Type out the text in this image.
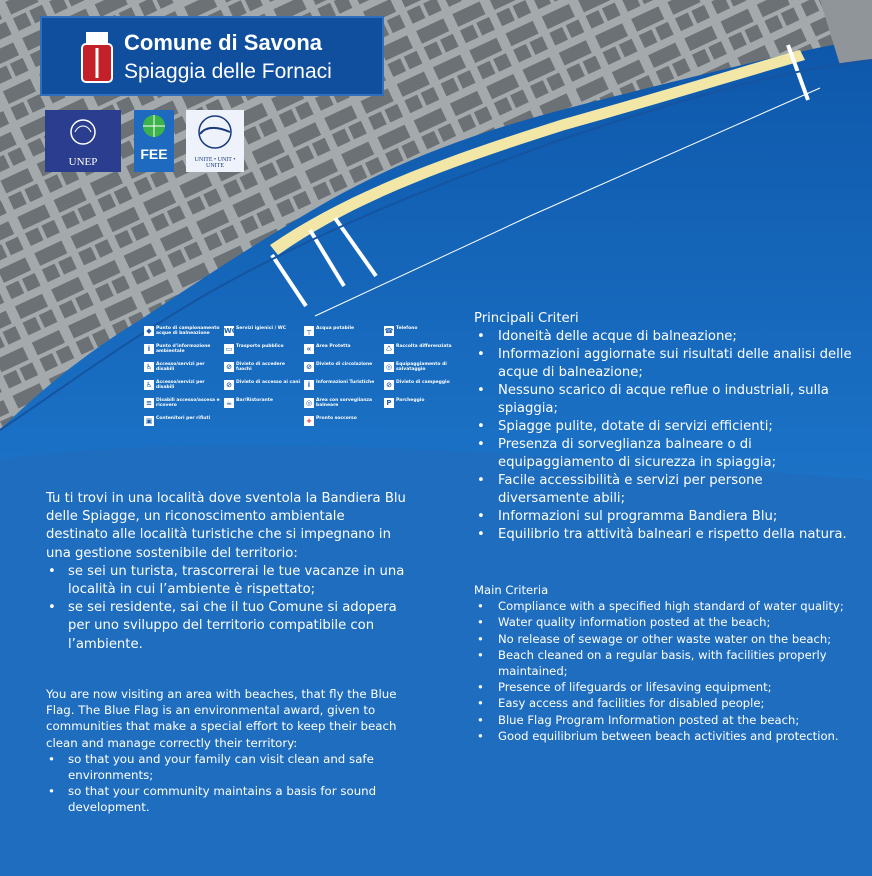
Comune di Savona
Spiaggia delle Fornaci
UNEP	FEE	UNITE • UNIT • UNITE
◆ Punto di campionamento acque di balneazione
i	Punto d'informazione ambientale
♿ Accesso/servizi per disabili
♿ Accesso/servizi per disabili
≡ Disabili accesso/ascesa e ricovero
▣ Contenitori per rifiuti
WC Servizi igienici / WC
▭ Trasporto pubblico
⊘ Divieto di accedere fuochi
⊘ Divieto di accesso ai cani
☕ Bar/Ristorante
┬	Acqua potabile
∝	Area Protetta
⊘ Divieto di circolazione
i	Informazioni Turistiche
◎ Area con sorveglianza balneare
+ Pronto soccorso
☎ Telefono
♺ Raccolta differenziata
◎ Equipaggiamento di salvataggio
⊘ Divieto di campeggio
P Parcheggio
Principali Criteri
• Idoneità delle acque di balneazione;
• Informazioni aggiornate sui risultati delle analisi delle acque di balneazione;
• Nessuno scarico di acque reflue o industriali, sulla spiaggia;
• Spiagge pulite, dotate di servizi efficienti;
• Presenza di sorveglianza balneare o di equipaggiamento di sicurezza in spiaggia;
• Facile accessibilità e servizi per persone diversamente abili;
• Informazioni sul programma Bandiera Blu;
• Equilibrio tra attività balneari e rispetto della natura.
Main Criteria
• Compliance with a specified high standard of water quality;
• Water quality information posted at the beach;
• No release of sewage or other waste water on the beach;
• Beach cleaned on a regular basis, with facilities properly maintained;
• Presence of lifeguards or lifesaving equipment;
• Easy access and facilities for disabled people;
• Blue Flag Program Information posted at the beach;
• Good equilibrium between beach activities and protection.
Tu ti trovi in una località dove sventola la Bandiera Blu delle Spiagge, un riconoscimento ambientale destinato alle località turistiche che si impegnano in una gestione sostenibile del territorio:
• se sei un turista, trascorrerai le tue vacanze in una località in cui l’ambiente è rispettato;
• se sei residente, sai che il tuo Comune si adopera per uno sviluppo del territorio compatibile con l’ambiente.
You are now visiting an area with beaches, that fly the Blue Flag. The Blue Flag is an environmental award, given to communities that make a special effort to keep their beach clean and manage correctly their territory:
• so that you and your family can visit clean and safe environments;
• so that your community maintains a basis for sound development.
